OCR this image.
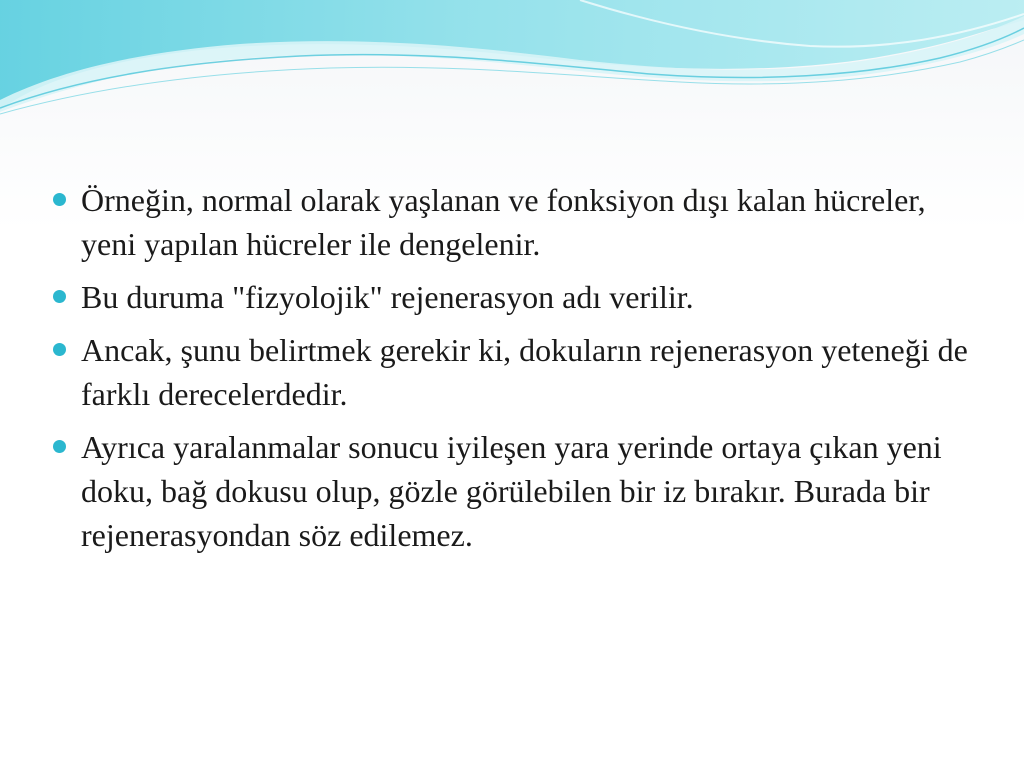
Örneğin, normal olarak yaşlanan ve fonksiyon dışı kalan hücreler, yeni yapılan hücreler ile dengelenir.
Bu duruma "fizyolojik" rejenerasyon adı verilir.
Ancak, şunu belirtmek gerekir ki, dokuların rejenerasyon yeteneği de farklı derecelerdedir.
Ayrıca yaralanmalar sonucu iyileşen yara yerinde ortaya çıkan yeni doku, bağ dokusu olup, gözle görülebilen bir iz bırakır. Burada bir rejenerasyondan söz edilemez.
